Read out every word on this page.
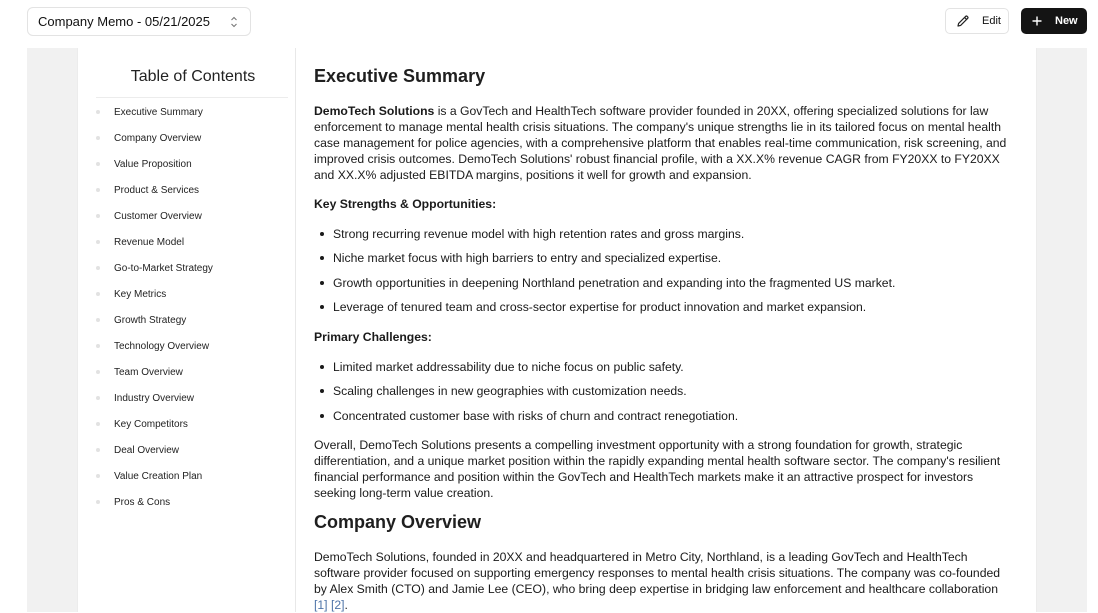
Company Memo - 05/21/2025	Edit	New
Table of Contents
Executive Summary
Company Overview
Value Proposition
Product & Services
Customer Overview
Revenue Model
Go-to-Market Strategy
Key Metrics
Growth Strategy
Technology Overview
Team Overview
Industry Overview
Key Competitors
Deal Overview
Value Creation Plan
Pros & Cons
Executive Summary

DemoTech Solutions is a GovTech and HealthTech software provider founded in 20XX, offering specialized solutions for law enforcement to manage mental health crisis situations. The company's unique strengths lie in its tailored focus on mental health case management for police agencies, with a comprehensive platform that enables real-time communication, risk screening, and improved crisis outcomes. DemoTech Solutions' robust financial profile, with a XX.X% revenue CAGR from FY20XX to FY20XX and XX.X% adjusted EBITDA margins, positions it well for growth and expansion.

Key Strengths & Opportunities:
Strong recurring revenue model with high retention rates and gross margins.
Niche market focus with high barriers to entry and specialized expertise.
Growth opportunities in deepening Northland penetration and expanding into the fragmented US market.
Leverage of tenured team and cross-sector expertise for product innovation and market expansion.
Primary Challenges:
Limited market addressability due to niche focus on public safety.
Scaling challenges in new geographies with customization needs.
Concentrated customer base with risks of churn and contract renegotiation.

Overall, DemoTech Solutions presents a compelling investment opportunity with a strong foundation for growth, strategic differentiation, and a unique market position within the rapidly expanding mental health software sector. The company's resilient financial performance and position within the GovTech and HealthTech markets make it an attractive prospect for investors seeking long-term value creation.

Company Overview

DemoTech Solutions, founded in 20XX and headquartered in Metro City, Northland, is a leading GovTech and HealthTech software provider focused on supporting emergency responses to mental health crisis situations. The company was co-founded by Alex Smith (CTO) and Jamie Lee (CEO), who bring deep expertise in bridging law enforcement and healthcare collaboration [1] [2].
